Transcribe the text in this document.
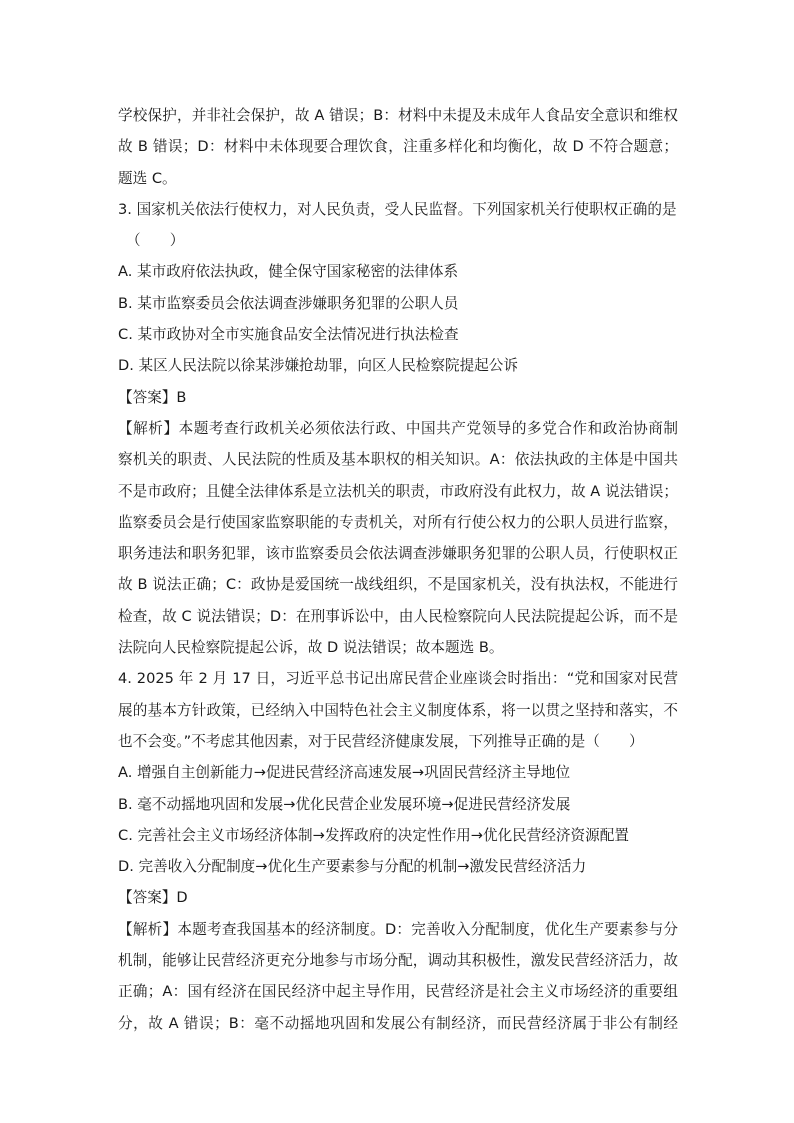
学校保护，并非社会保护，故 A 错误；B：材料中未提及未成年人食品安全意识和维权
故 B 错误；D：材料中未体现要合理饮食，注重多样化和均衡化，故 D 不符合题意；
题选 C。
3. 国家机关依法行使权力，对人民负责，受人民监督。下列国家机关行使职权正确的是
（　　）
A. 某市政府依法执政，健全保守国家秘密的法律体系
B. 某市监察委员会依法调查涉嫌职务犯罪的公职人员
C. 某市政协对全市实施食品安全法情况进行执法检查
D. 某区人民法院以徐某涉嫌抢劫罪，向区人民检察院提起公诉
【答案】B
【解析】本题考查行政机关必须依法行政、中国共产党领导的多党合作和政治协商制
察机关的职责、人民法院的性质及基本职权的相关知识。A：依法执政的主体是中国共
不是市政府；且健全法律体系是立法机关的职责，市政府没有此权力，故 A 说法错误；
监察委员会是行使国家监察职能的专责机关，对所有行使公权力的公职人员进行监察，
职务违法和职务犯罪，该市监察委员会依法调查涉嫌职务犯罪的公职人员，行使职权正
故 B 说法正确；C：政协是爱国统一战线组织，不是国家机关，没有执法权，不能进行
检查，故 C 说法错误；D：在刑事诉讼中，由人民检察院向人民法院提起公诉，而不是
法院向人民检察院提起公诉，故 D 说法错误；故本题选 B。
4. 2025 年 2 月 17 日，习近平总书记出席民营企业座谈会时指出：“党和国家对民营
展的基本方针政策，已经纳入中国特色社会主义制度体系，将一以贯之坚持和落实，不
也不会变。”不考虑其他因素，对于民营经济健康发展，下列推导正确的是（　　）
A. 增强自主创新能力→促进民营经济高速发展→巩固民营经济主导地位
B. 毫不动摇地巩固和发展→优化民营企业发展环境→促进民营经济发展
C. 完善社会主义市场经济体制→发挥政府的决定性作用→优化民营经济资源配置
D. 完善收入分配制度→优化生产要素参与分配的机制→激发民营经济活力
【答案】D
【解析】本题考查我国基本的经济制度。D：完善收入分配制度，优化生产要素参与分
机制，能够让民营经济更充分地参与市场分配，调动其积极性，激发民营经济活力，故
正确；A：国有经济在国民经济中起主导作用，民营经济是社会主义市场经济的重要组
分，故 A 错误；B：毫不动摇地巩固和发展公有制经济，而民营经济属于非公有制经
